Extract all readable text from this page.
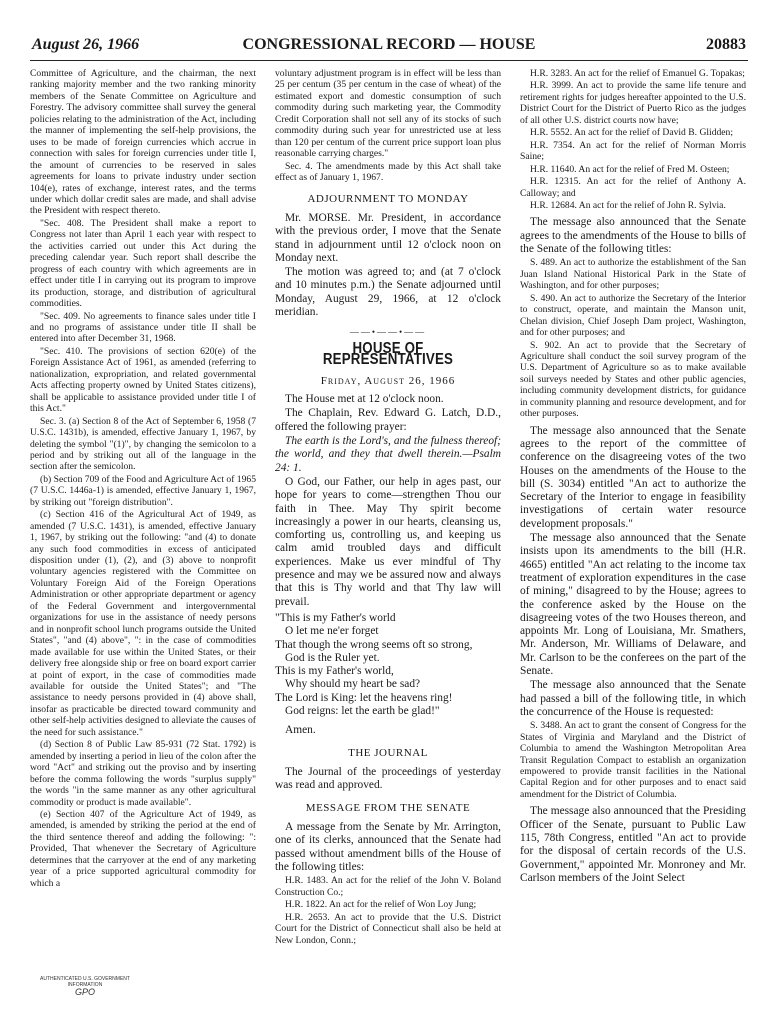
August 26, 1966	CONGRESSIONAL RECORD — HOUSE	20883

Committee of Agriculture, and the chairman, the next ranking majority member and the two ranking minority members of the Senate Committee on Agriculture and Forestry. The advisory committee shall survey the general policies relating to the administration of the Act, including the manner of implementing the self-help provisions, the uses to be made of foreign currencies which accrue in connection with sales for foreign currencies under title I, the amount of currencies to be reserved in sales agreements for loans to private industry under section 104(e), rates of exchange, interest rates, and the terms under which dollar credit sales are made, and shall advise the President with respect thereto.

"Sec. 408. The President shall make a report to Congress not later than April 1 each year with respect to the activities carried out under this Act during the preceding calendar year. Such report shall describe the progress of each country with which agreements are in effect under title I in carrying out its program to improve its production, storage, and distribution of agricultural commodities.

"Sec. 409. No agreements to finance sales under title I and no programs of assistance under title II shall be entered into after December 31, 1968.

"Sec. 410. The provisions of section 620(e) of the Foreign Assistance Act of 1961, as amended (referring to nationalization, expropriation, and related governmental Acts affecting property owned by United States citizens), shall be applicable to assistance provided under title I of this Act."

Sec. 3. (a) Section 8 of the Act of September 6, 1958 (7 U.S.C. 1431b), is amended, effective January 1, 1967, by deleting the symbol "(1)", by changing the semicolon to a period and by striking out all of the language in the section after the semicolon.

(b) Section 709 of the Food and Agriculture Act of 1965 (7 U.S.C. 1446a-1) is amended, effective January 1, 1967, by striking out "foreign distribution".

(c) Section 416 of the Agricultural Act of 1949, as amended (7 U.S.C. 1431), is amended, effective January 1, 1967, by striking out the following: "and (4) to donate any such food commodities in excess of anticipated disposition under (1), (2), and (3) above to nonprofit voluntary agencies registered with the Committee on Voluntary Foreign Aid of the Foreign Operations Administration or other appropriate department or agency of the Federal Government and intergovernmental organizations for use in the assistance of needy persons and in nonprofit school lunch programs outside the United States", "and (4) above", ": in the case of commodities made available for use within the United States, or their delivery free alongside ship or free on board export carrier at point of export, in the case of commodities made available for outside the United States"; and "The assistance to needy persons provided in (4) above shall, insofar as practicable be directed toward community and other self-help activities designed to alleviate the causes of the need for such assistance."

(d) Section 8 of Public Law 85-931 (72 Stat. 1792) is amended by inserting a period in lieu of the colon after the word "Act" and striking out the proviso and by inserting before the comma following the words "surplus supply" the words "in the same manner as any other agricultural commodity or product is made available".

(e) Section 407 of the Agriculture Act of 1949, as amended, is amended by striking the period at the end of the third sentence thereof and adding the following: ": Provided, That whenever the Secretary of Agriculture determines that the carryover at the end of any marketing year of a price supported agricultural commodity for which a

voluntary adjustment program is in effect will be less than 25 per centum (35 per centum in the case of wheat) of the estimated export and domestic consumption of such commodity during such marketing year, the Commodity Credit Corporation shall not sell any of its stocks of such commodity during such year for unrestricted use at less than 120 per centum of the current price support loan plus reasonable carrying charges."

Sec. 4. The amendments made by this Act shall take effect as of January 1, 1967.

ADJOURNMENT TO MONDAY

Mr. MORSE. Mr. President, in accordance with the previous order, I move that the Senate stand in adjournment until 12 o'clock noon on Monday next.

The motion was agreed to; and (at 7 o'clock and 10 minutes p.m.) the Senate adjourned until Monday, August 29, 1966, at 12 o'clock meridian.

——•——•——
HOUSE OF REPRESENTATIVES
Friday, August 26, 1966

The House met at 12 o'clock noon.

The Chaplain, Rev. Edward G. Latch, D.D., offered the following prayer:

The earth is the Lord's, and the fulness thereof; the world, and they that dwell therein.—Psalm 24: 1.

O God, our Father, our help in ages past, our hope for years to come—strengthen Thou our faith in Thee. May Thy spirit become increasingly a power in our hearts, cleansing us, comforting us, controlling us, and keeping us calm amid troubled days and difficult experiences. Make us ever mindful of Thy presence and may we be assured now and always that this is Thy world and that Thy law will prevail.

"This is my Father's world

O let me ne'er forget

That though the wrong seems oft so strong,

God is the Ruler yet.

This is my Father's world,

Why should my heart be sad?

The Lord is King: let the heavens ring!

God reigns: let the earth be glad!"

Amen.

THE JOURNAL

The Journal of the proceedings of yesterday was read and approved.

MESSAGE FROM THE SENATE

A message from the Senate by Mr. Arrington, one of its clerks, announced that the Senate had passed without amendment bills of the House of the following titles:

H.R. 1483. An act for the relief of the John V. Boland Construction Co.;

H.R. 1822. An act for the relief of Won Loy Jung;

H.R. 2653. An act to provide that the U.S. District Court for the District of Connecticut shall also be held at New London, Conn.;

H.R. 3283. An act for the relief of Emanuel G. Topakas;

H.R. 3999. An act to provide the same life tenure and retirement rights for judges hereafter appointed to the U.S. District Court for the District of Puerto Rico as the judges of all other U.S. district courts now have;

H.R. 5552. An act for the relief of David B. Glidden;

H.R. 7354. An act for the relief of Norman Morris Saine;

H.R. 11640. An act for the relief of Fred M. Osteen;

H.R. 12315. An act for the relief of Anthony A. Calloway; and

H.R. 12684. An act for the relief of John R. Sylvia.

The message also announced that the Senate agrees to the amendments of the House to bills of the Senate of the following titles:

S. 489. An act to authorize the establishment of the San Juan Island National Historical Park in the State of Washington, and for other purposes;

S. 490. An act to authorize the Secretary of the Interior to construct, operate, and maintain the Manson unit, Chelan division, Chief Joseph Dam project, Washington, and for other purposes; and

S. 902. An act to provide that the Secretary of Agriculture shall conduct the soil survey program of the U.S. Department of Agriculture so as to make available soil surveys needed by States and other public agencies, including community development districts, for guidance in community planning and resource development, and for other purposes.

The message also announced that the Senate agrees to the report of the committee of conference on the disagreeing votes of the two Houses on the amendments of the House to the bill (S. 3034) entitled "An act to authorize the Secretary of the Interior to engage in feasibility investigations of certain water resource development proposals."

The message also announced that the Senate insists upon its amendments to the bill (H.R. 4665) entitled "An act relating to the income tax treatment of exploration expenditures in the case of mining," disagreed to by the House; agrees to the conference asked by the House on the disagreeing votes of the two Houses thereon, and appoints Mr. Long of Louisiana, Mr. Smathers, Mr. Anderson, Mr. Williams of Delaware, and Mr. Carlson to be the conferees on the part of the Senate.

The message also announced that the Senate had passed a bill of the following title, in which the concurrence of the House is requested:

S. 3488. An act to grant the consent of Congress for the States of Virginia and Maryland and the District of Columbia to amend the Washington Metropolitan Area Transit Regulation Compact to establish an organization empowered to provide transit facilities in the National Capital Region and for other purposes and to enact said amendment for the District of Columbia.

The message also announced that the Presiding Officer of the Senate, pursuant to Public Law 115, 78th Congress, entitled "An act to provide for the disposal of certain records of the U.S. Government," appointed Mr. Monroney and Mr. Carlson members of the Joint Select

AUTHENTICATED U.S. GOVERNMENT INFORMATION
GPO
